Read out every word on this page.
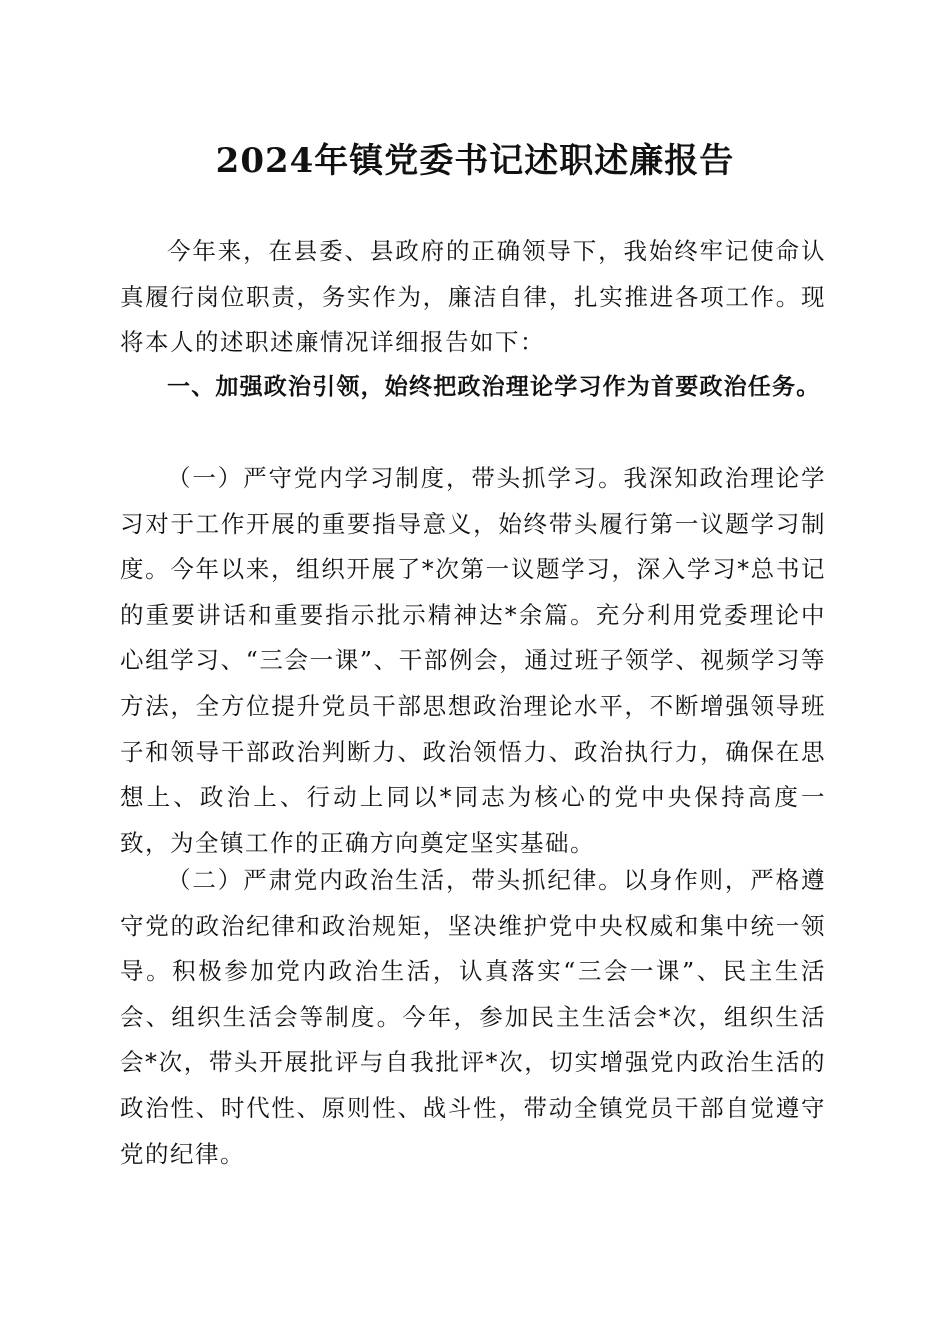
2024年镇党委书记述职述廉报告

今年来，在县委、县政府的正确领导下，我始终牢记使命认真履行岗位职责，务实作为，廉洁自律，扎实推进各项工作。现将本人的述职述廉情况详细报告如下：

一、加强政治引领，始终把政治理论学习作为首要政治任务。

（一）严守党内学习制度，带头抓学习。我深知政治理论学习对于工作开展的重要指导意义，始终带头履行第一议题学习制度。今年以来，组织开展了*次第一议题学习，深入学习*总书记的重要讲话和重要指示批示精神达*余篇。充分利用党委理论中心组学习、“三会一课”、干部例会，通过班子领学、视频学习等方法，全方位提升党员干部思想政治理论水平，不断增强领导班子和领导干部政治判断力、政治领悟力、政治执行力，确保在思想上、政治上、行动上同以*同志为核心的党中央保持高度一致，为全镇工作的正确方向奠定坚实基础。

（二）严肃党内政治生活，带头抓纪律。以身作则，严格遵守党的政治纪律和政治规矩，坚决维护党中央权威和集中统一领导。积极参加党内政治生活，认真落实“三会一课”、民主生活会、组织生活会等制度。今年，参加民主生活会*次，组织生活会*次，带头开展批评与自我批评*次，切实增强党内政治生活的政治性、时代性、原则性、战斗性，带动全镇党员干部自觉遵守党的纪律。
